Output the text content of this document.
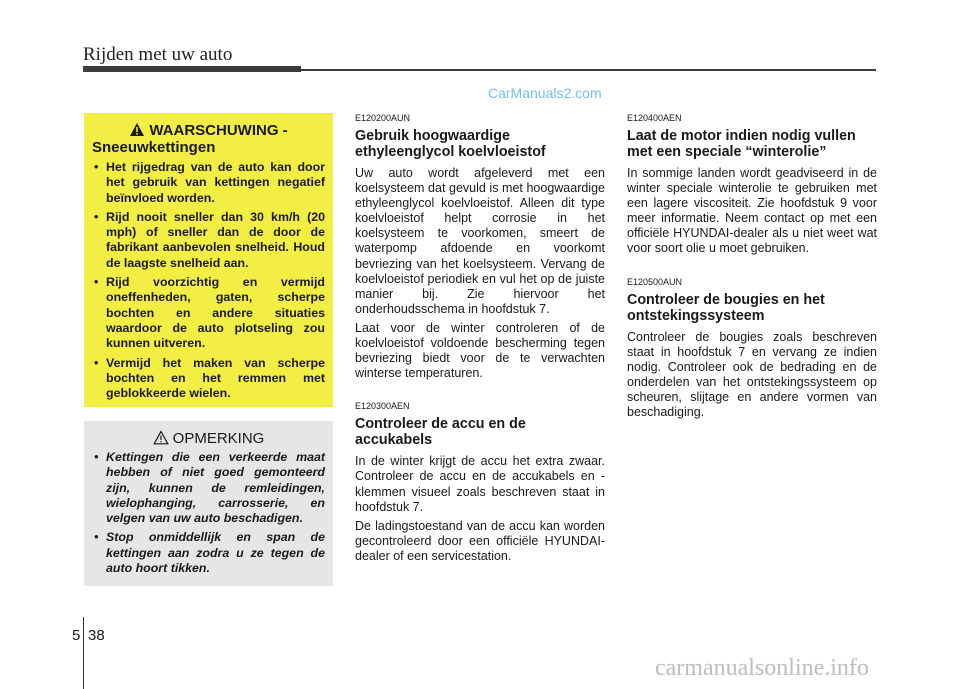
Rijden met uw auto
WAARSCHUWING -
Sneeuwkettingen
• Het rijgedrag van de auto kan door het gebruik van kettingen negatief beïnvloed worden.
• Rijd nooit sneller dan 30 km/h (20 mph) of sneller dan de door de fabrikant aanbevolen snelheid. Houd de laagste snelheid aan.
• Rijd voorzichtig en vermijd oneffenheden, gaten, scherpe bochten en andere situaties waardoor de auto plotseling zou kunnen uitveren.
• Vermijd het maken van scherpe bochten en het remmen met geblokkeerde wielen.
OPMERKING
• Kettingen die een verkeerde maat hebben of niet goed gemonteerd zijn, kunnen de remleidingen, wielophanging, carrosserie, en velgen van uw auto beschadigen.
• Stop onmiddellijk en span de kettingen aan zodra u ze tegen de auto hoort tikken.
E120200AUN
Gebruik hoogwaardige ethyleenglycol koelvloeistof

Uw auto wordt afgeleverd met een koelsysteem dat gevuld is met hoogwaardige ethyleenglycol koelvloeistof. Alleen dit type koelvloeistof helpt corrosie in het koelsysteem te voorkomen, smeert de waterpomp afdoende en voorkomt bevriezing van het koelsysteem. Vervang de koelvloeistof periodiek en vul het op de juiste manier bij. Zie hiervoor het onderhoudsschema in hoofdstuk 7.

Laat voor de winter controleren of de koelvloeistof voldoende bescherming tegen bevriezing biedt voor de te verwachten winterse temperaturen.

E120300AEN
Controleer de accu en de accukabels

In de winter krijgt de accu het extra zwaar. Controleer de accu en de accukabels en -klemmen visueel zoals beschreven staat in hoofdstuk 7.

De ladingstoestand van de accu kan worden gecontroleerd door een officiële HYUNDAI-dealer of een servicestation.

E120400AEN
Laat de motor indien nodig vullen met een speciale “winterolie”

In sommige landen wordt geadviseerd in de winter speciale winterolie te gebruiken met een lagere viscositeit. Zie hoofdstuk 9 voor meer informatie. Neem contact op met een officiële HYUNDAI-dealer als u niet weet wat voor soort olie u moet gebruiken.

E120500AUN
Controleer de bougies en het ontstekingssysteem

Controleer de bougies zoals beschreven staat in hoofdstuk 7 en vervang ze indien nodig. Controleer ook de bedrading en de onderdelen van het ontstekingssysteem op scheuren, slijtage en andere vormen van beschadiging.

CarManuals2.com
5 38
carmanualsonline.info
